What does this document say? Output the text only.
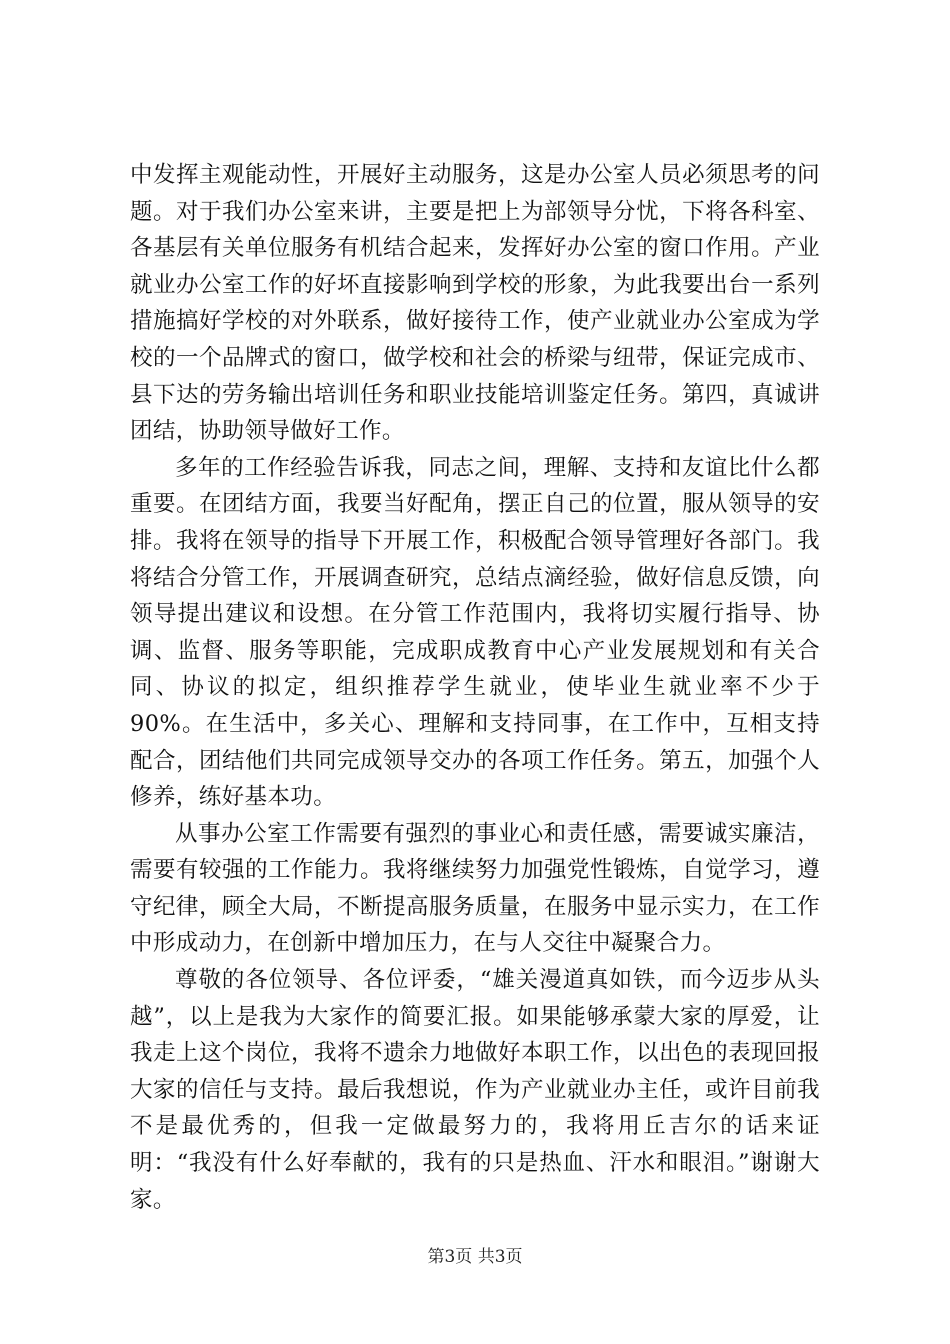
中发挥主观能动性，开展好主动服务，这是办公室人员必须思考的问题。对于我们办公室来讲，主要是把上为部领导分忧，下将各科室、各基层有关单位服务有机结合起来，发挥好办公室的窗口作用。产业就业办公室工作的好坏直接影响到学校的形象，为此我要出台一系列措施搞好学校的对外联系，做好接待工作，使产业就业办公室成为学校的一个品牌式的窗口，做学校和社会的桥梁与纽带，保证完成市、县下达的劳务输出培训任务和职业技能培训鉴定任务。第四，真诚讲团结，协助领导做好工作。

多年的工作经验告诉我，同志之间，理解、支持和友谊比什么都重要。在团结方面，我要当好配角，摆正自己的位置，服从领导的安排。我将在领导的指导下开展工作，积极配合领导管理好各部门。我将结合分管工作，开展调查研究，总结点滴经验，做好信息反馈，向领导提出建议和设想。在分管工作范围内，我将切实履行指导、协调、监督、服务等职能，完成职成教育中心产业发展规划和有关合同、协议的拟定，组织推荐学生就业，使毕业生就业率不少于90%。在生活中，多关心、理解和支持同事，在工作中，互相支持配合，团结他们共同完成领导交办的各项工作任务。第五，加强个人修养，练好基本功。

从事办公室工作需要有强烈的事业心和责任感，需要诚实廉洁，需要有较强的工作能力。我将继续努力加强党性锻炼，自觉学习，遵守纪律，顾全大局，不断提高服务质量，在服务中显示实力，在工作中形成动力，在创新中增加压力，在与人交往中凝聚合力。

尊敬的各位领导、各位评委，“雄关漫道真如铁，而今迈步从头越”，以上是我为大家作的简要汇报。如果能够承蒙大家的厚爱，让我走上这个岗位，我将不遗余力地做好本职工作，以出色的表现回报大家的信任与支持。最后我想说，作为产业就业办主任，或许目前我不是最优秀的，但我一定做最努力的，我将用丘吉尔的话来证明：“我没有什么好奉献的，我有的只是热血、汗水和眼泪。”谢谢大家。

第3页 共3页
